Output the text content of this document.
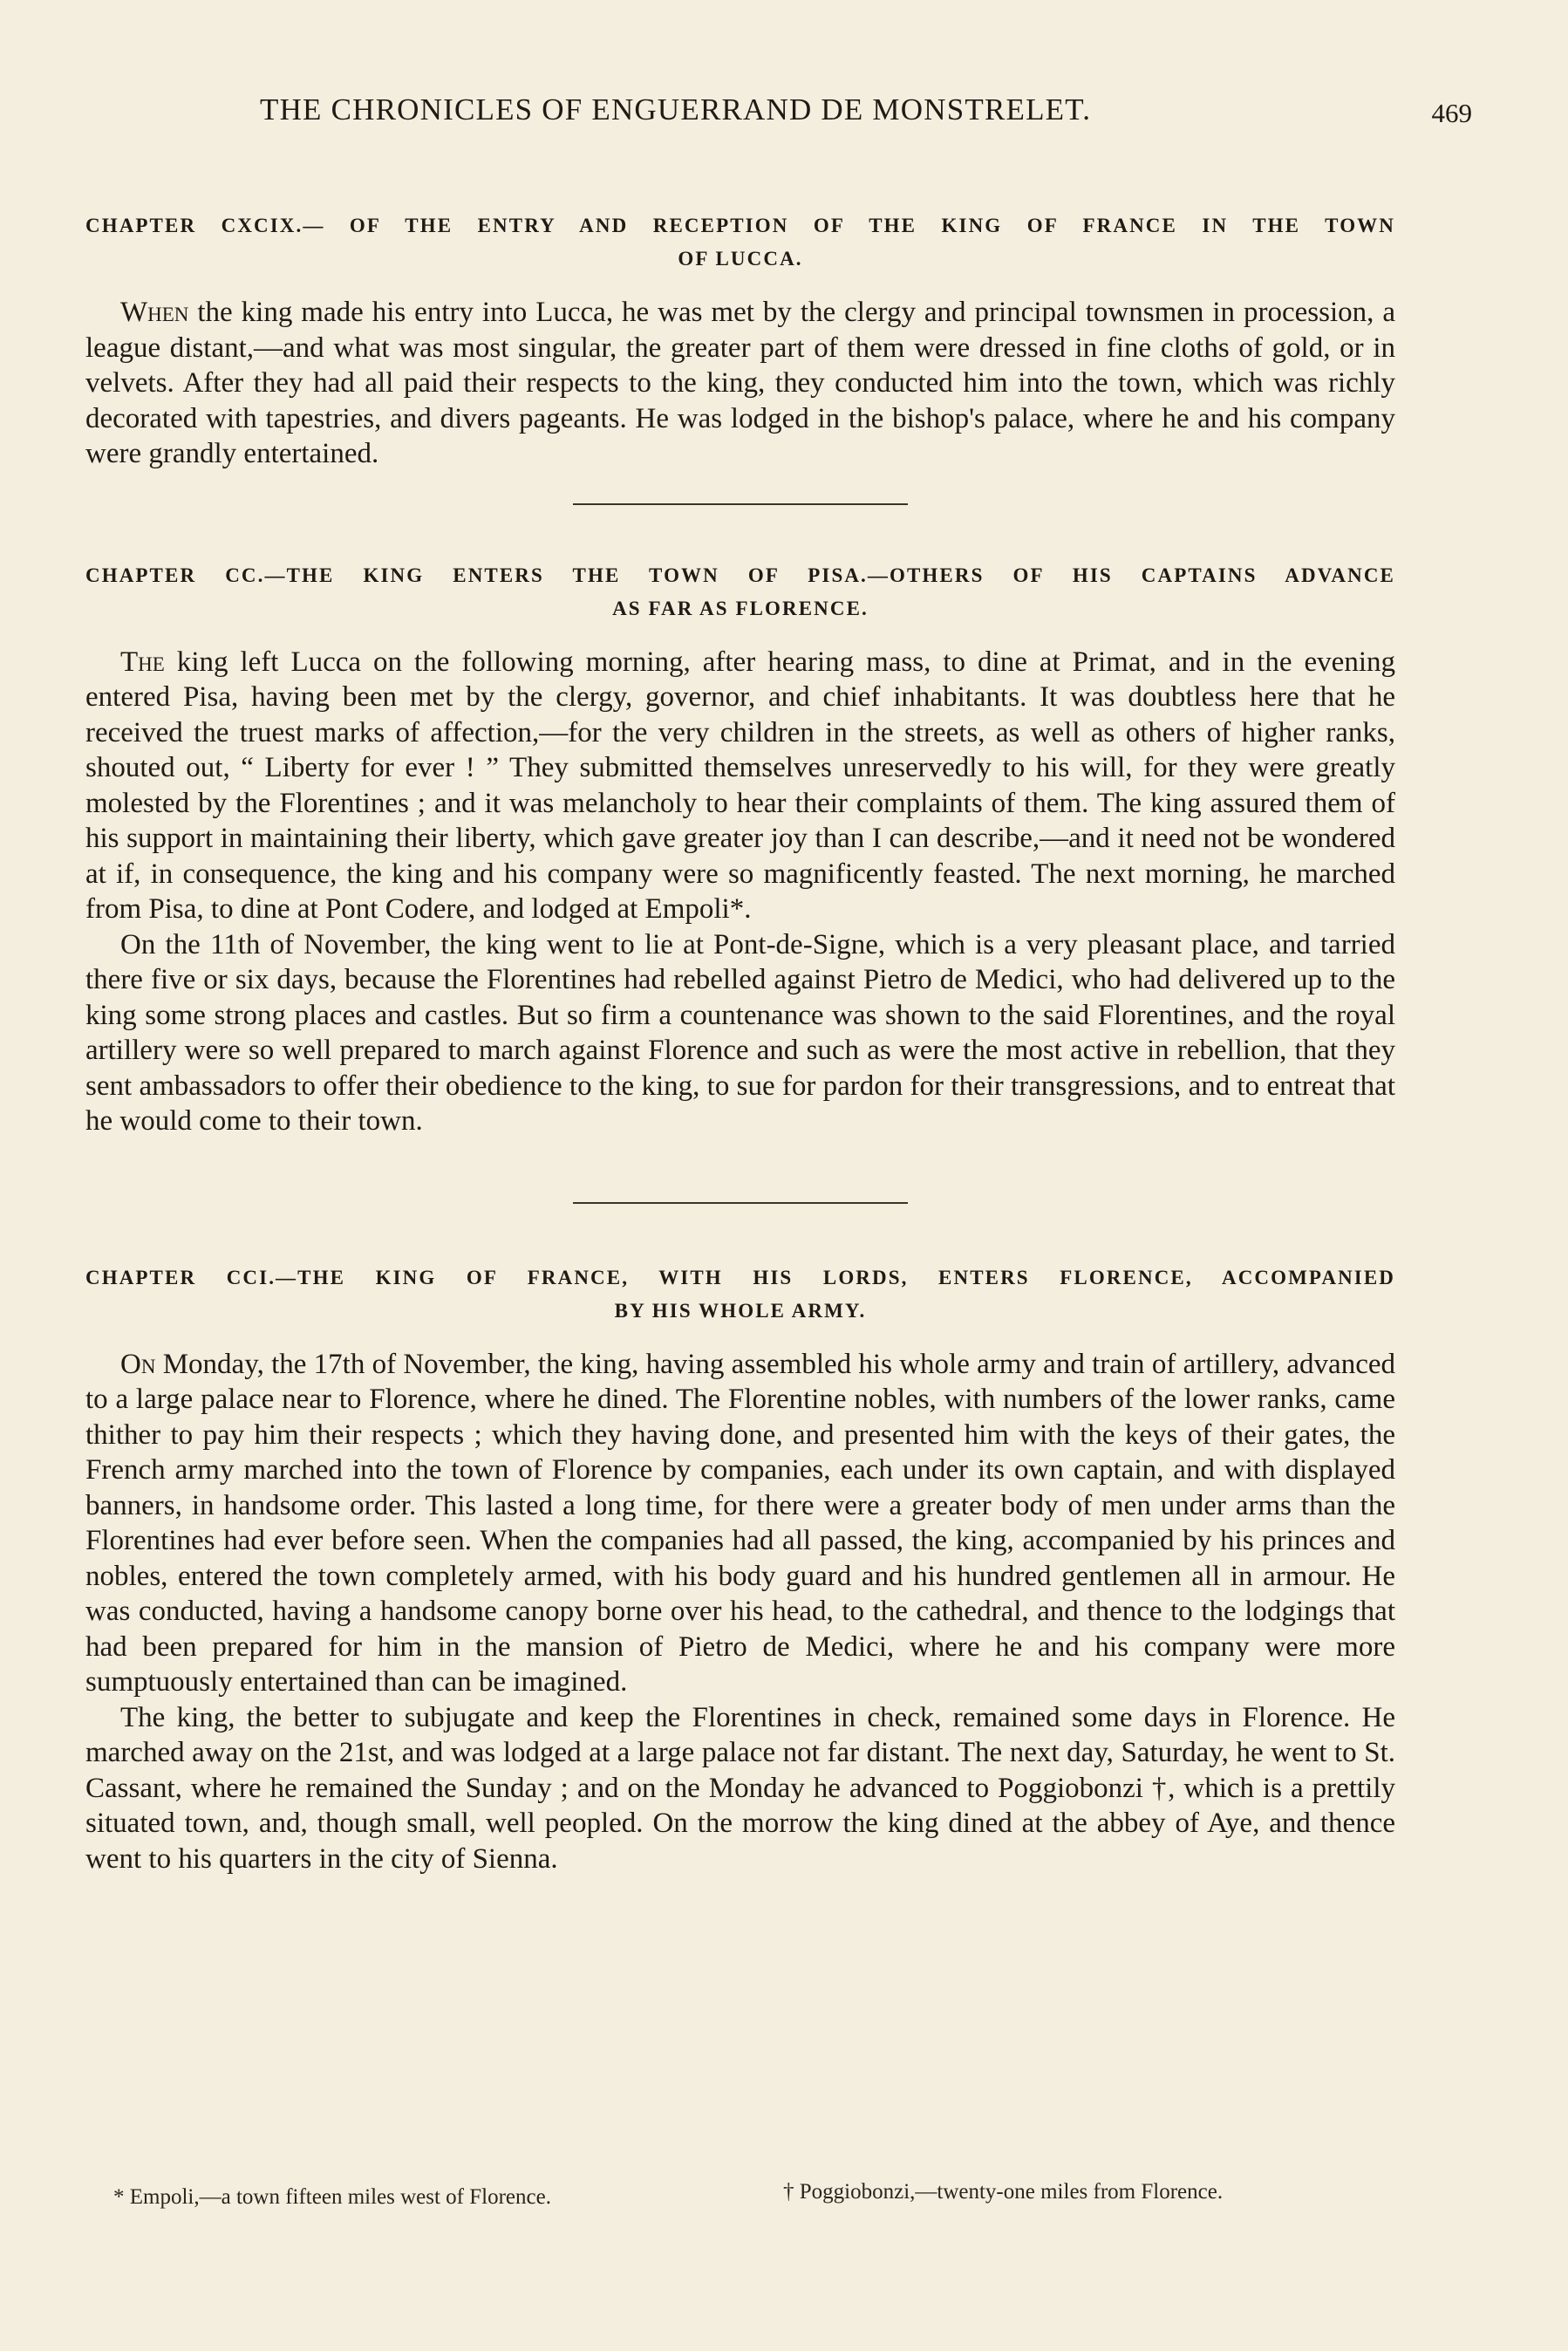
THE CHRONICLES OF ENGUERRAND DE MONSTRELET.	469
CHAPTER CXCIX.— OF THE ENTRY AND RECEPTION OF THE KING OF FRANCE IN THE TOWN
OF LUCCA.

When the king made his entry into Lucca, he was met by the clergy and principal townsmen in procession, a league distant,—and what was most singular, the greater part of them were dressed in fine cloths of gold, or in velvets. After they had all paid their respects to the king, they conducted him into the town, which was richly decorated with tapestries, and divers pageants. He was lodged in the bishop's palace, where he and his company were grandly entertained.

CHAPTER CC.—THE KING ENTERS THE TOWN OF PISA.—OTHERS OF HIS CAPTAINS ADVANCE
AS FAR AS FLORENCE.

The king left Lucca on the following morning, after hearing mass, to dine at Primat, and in the evening entered Pisa, having been met by the clergy, governor, and chief inhabitants. It was doubtless here that he received the truest marks of affection,—for the very children in the streets, as well as others of higher ranks, shouted out, “ Liberty for ever ! ” They submitted themselves unreservedly to his will, for they were greatly molested by the Florentines ; and it was melancholy to hear their complaints of them. The king assured them of his support in maintaining their liberty, which gave greater joy than I can describe,—and it need not be wondered at if, in consequence, the king and his company were so magnificently feasted. The next morning, he marched from Pisa, to dine at Pont Codere, and lodged at Empoli*.

On the 11th of November, the king went to lie at Pont-de-Signe, which is a very pleasant place, and tarried there five or six days, because the Florentines had rebelled against Pietro de Medici, who had delivered up to the king some strong places and castles. But so firm a countenance was shown to the said Florentines, and the royal artillery were so well prepared to march against Florence and such as were the most active in rebellion, that they sent ambassadors to offer their obedience to the king, to sue for pardon for their transgressions, and to entreat that he would come to their town.

CHAPTER CCI.—THE KING OF FRANCE, WITH HIS LORDS, ENTERS FLORENCE, ACCOMPANIED
BY HIS WHOLE ARMY.

On Monday, the 17th of November, the king, having assembled his whole army and train of artillery, advanced to a large palace near to Florence, where he dined. The Florentine nobles, with numbers of the lower ranks, came thither to pay him their respects ; which they having done, and presented him with the keys of their gates, the French army marched into the town of Florence by companies, each under its own captain, and with displayed banners, in handsome order. This lasted a long time, for there were a greater body of men under arms than the Florentines had ever before seen. When the companies had all passed, the king, accompanied by his princes and nobles, entered the town completely armed, with his body guard and his hundred gentlemen all in armour. He was conducted, having a handsome canopy borne over his head, to the cathedral, and thence to the lodgings that had been prepared for him in the mansion of Pietro de Medici, where he and his company were more sumptuously entertained than can be imagined.

The king, the better to subjugate and keep the Florentines in check, remained some days in Florence. He marched away on the 21st, and was lodged at a large palace not far distant. The next day, Saturday, he went to St. Cassant, where he remained the Sunday ; and on the Monday he advanced to Poggiobonzi †, which is a prettily situated town, and, though small, well peopled. On the morrow the king dined at the abbey of Aye, and thence went to his quarters in the city of Sienna.

* Empoli,—a town fifteen miles west of Florence.	† Poggiobonzi,—twenty-one miles from Florence.
